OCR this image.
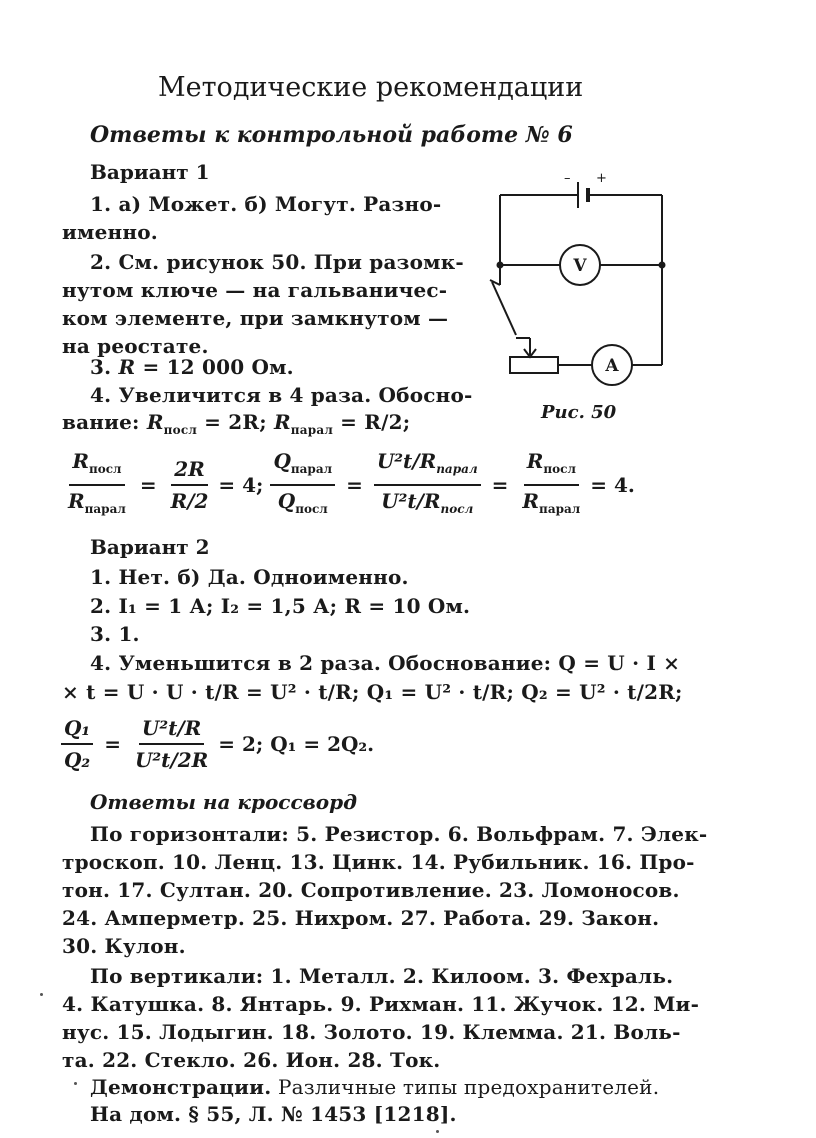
Методические рекомендации
Ответы к контрольной работе № 6
Вариант 1
1. а) Может. б) Могут. Разно-
именно.
2. См. рисунок 50. При разомк-
нутом ключе — на гальваничес-
ком элементе, при замкнутом —
на реостате.
3. R = 12 000 Ом.
4. Увеличится в 4 раза. Обосно-
вание: $R_{посл} = 2R$; $R_{парал} = R/2$;
– +
V
A
Рис. 50
$\frac{R_{посл}}{R_{парал}} = \frac{2R}{R/2} = 4$; $\frac{Q_{парал}}{Q_{посл}} = \frac{U^2t/R_{парал}}{U^2t/R_{посл}} = \frac{R_{посл}}{R_{парал}} = 4$.
Вариант 2
1. Нет. б) Да. Одноименно.
2. I₁ = 1 А; I₂ = 1,5 А; R = 10 Ом.
3. 1.
4. Уменьшится в 2 раза. Обоснование: Q = U · I ×
× t = U · U · t/R = U² · t/R; Q₁ = U² · t/R; Q₂ = U² · t/2R;
$\frac{\text{Q₁}}{\text{Q₂}} = \frac{\text{U²t/R}}{\text{U²t/2R}} = 2$; Q₁ = 2Q₂.
Ответы на кроссворд
По горизонтали: 5. Резистор. 6. Вольфрам. 7. Элек-
троскоп. 10. Ленц. 13. Цинк. 14. Рубильник. 16. Про-
тон. 17. Султан. 20. Сопротивление. 23. Ломоносов.
24. Амперметр. 25. Нихром. 27. Работа. 29. Закон.
30. Кулон.
По вертикали: 1. Металл. 2. Килоом. 3. Фехраль.
4. Катушка. 8. Янтарь. 9. Рихман. 11. Жучок. 12. Ми-
нус. 15. Лодыгин. 18. Золото. 19. Клемма. 21. Воль-
та. 22. Стекло. 26. Ион. 28. Ток.
Демонстрации. Различные типы предохранителей.
На дом. § 55, Л. № 1453 [1218].
